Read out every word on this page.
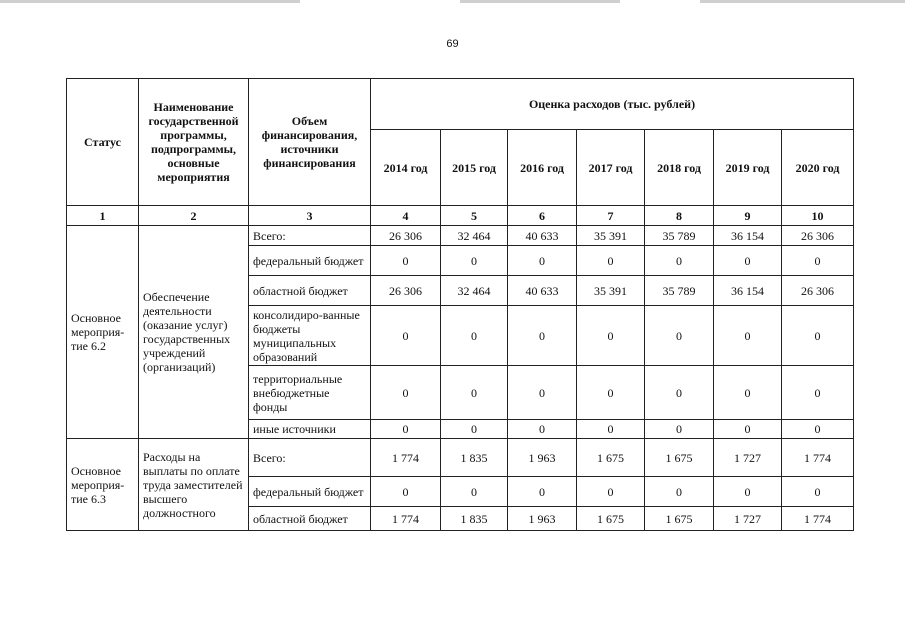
69
Статус	Наименование государственной программы, подпрограммы, основные мероприятия	Объем финансирования, источники финансирования	Оценка расходов (тыс. рублей)						
			2014 год	2015 год	2016 год	2017 год	2018 год	2019 год	2020 год
1	2	3	4	5	6	7	8	9	10
Основное мероприя-тие 6.2	Обеспечение деятельности (оказание услуг) государственных учреждений (организаций)	Всего:	26 306	32 464	40 633	35 391	35 789	36 154	26 306
		федеральный бюджет	0	0	0	0	0	0	0
		областной бюджет	26 306	32 464	40 633	35 391	35 789	36 154	26 306
		консолидиро-ванные бюджеты муниципальных образований	0	0	0	0	0	0	0
		территориальные внебюджетные фонды	0	0	0	0	0	0	0
		иные источники	0	0	0	0	0	0	0
Основное мероприя-тие 6.3	Расходы на выплаты по оплате труда заместителей высшего должностного	Всего:	1 774	1 835	1 963	1 675	1 675	1 727	1 774
		федеральный бюджет	0	0	0	0	0	0	0
		областной бюджет	1 774	1 835	1 963	1 675	1 675	1 727	1 774
